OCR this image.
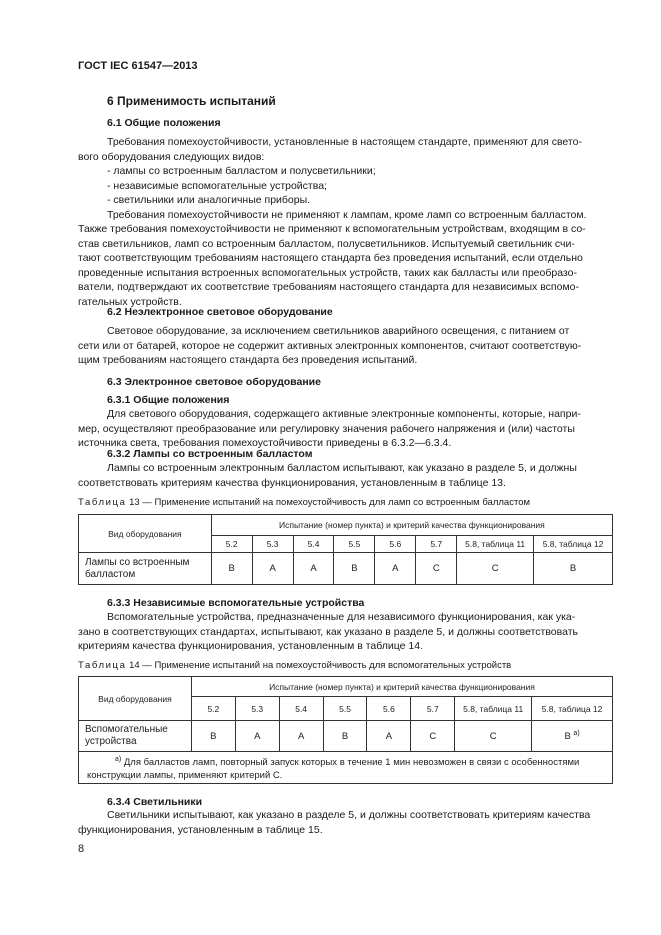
ГОСТ IEC 61547—2013
6 Применимость испытаний
6.1 Общие положения
Требования помехоустойчивости, установленные в настоящем стандарте, применяют для свето-
вого оборудования следующих видов:
- лампы со встроенным балластом и полусветильники;
- независимые вспомогательные устройства;
- светильники или аналогичные приборы.
Требования помехоустойчивости не применяют к лампам, кроме ламп со встроенным балластом.
Также требования помехоустойчивости не применяют к вспомогательным устройствам, входящим в со-
став светильников, ламп со встроенным балластом, полусветильников. Испытуемый светильник счи-
тают соответствующим требованиям настоящего стандарта без проведения испытаний, если отдельно
проведенные испытания встроенных вспомогательных устройств, таких как балласты или преобразо-
ватели, подтверждают их соответствие требованиям настоящего стандарта для независимых вспомо-
гательных устройств.
6.2 Неэлектронное световое оборудование
Световое оборудование, за исключением светильников аварийного освещения, с питанием от
сети или от батарей, которое не содержит активных электронных компонентов, считают соответствую-
щим требованиям настоящего стандарта без проведения испытаний.
6.3 Электронное световое оборудование
6.3.1 Общие положения
Для светового оборудования, содержащего активные электронные компоненты, которые, напри-
мер, осуществляют преобразование или регулировку значения рабочего напряжения и (или) частоты
источника света, требования помехоустойчивости приведены в 6.3.2—6.3.4.
6.3.2 Лампы со встроенным балластом
Лампы со встроенным электронным балластом испытывают, как указано в разделе 5, и должны
соответствовать критериям качества функционирования, установленным в таблице 13.
Таблица 13 — Применение испытаний на помехоустойчивость для ламп со встроенным балластом
Вид оборудования	Испытание (номер пункта) и критерий качества функционирования							
	5.2	5.3	5.4	5.5	5.6	5.7	5.8, таблица 11	5.8, таблица 12
Лампы со встроенным балластом	B	A	A	B	A	C	C	B
6.3.3 Независимые вспомогательные устройства
Вспомогательные устройства, предназначенные для независимого функционирования, как ука-
зано в соответствующих стандартах, испытывают, как указано в разделе 5, и должны соответствовать
критериям качества функционирования, установленным в таблице 14.
Таблица 14 — Применение испытаний на помехоустойчивость для вспомогательных устройств
Вид оборудования	Испытание (номер пункта) и критерий качества функционирования							
	5.2	5.3	5.4	5.5	5.6	5.7	5.8, таблица 11	5.8, таблица 12
Вспомогательные устройства	B	A	A	B	A	C	C	B $^{a)}$
$^{a)}$ Для балластов ламп, повторный запуск которых в течение 1 мин невозможен в связи с особенностями конструкции лампы, применяют критерий C.								
6.3.4 Светильники
Светильники испытывают, как указано в разделе 5, и должны соответствовать критериям качества
функционирования, установленным в таблице 15.
8
